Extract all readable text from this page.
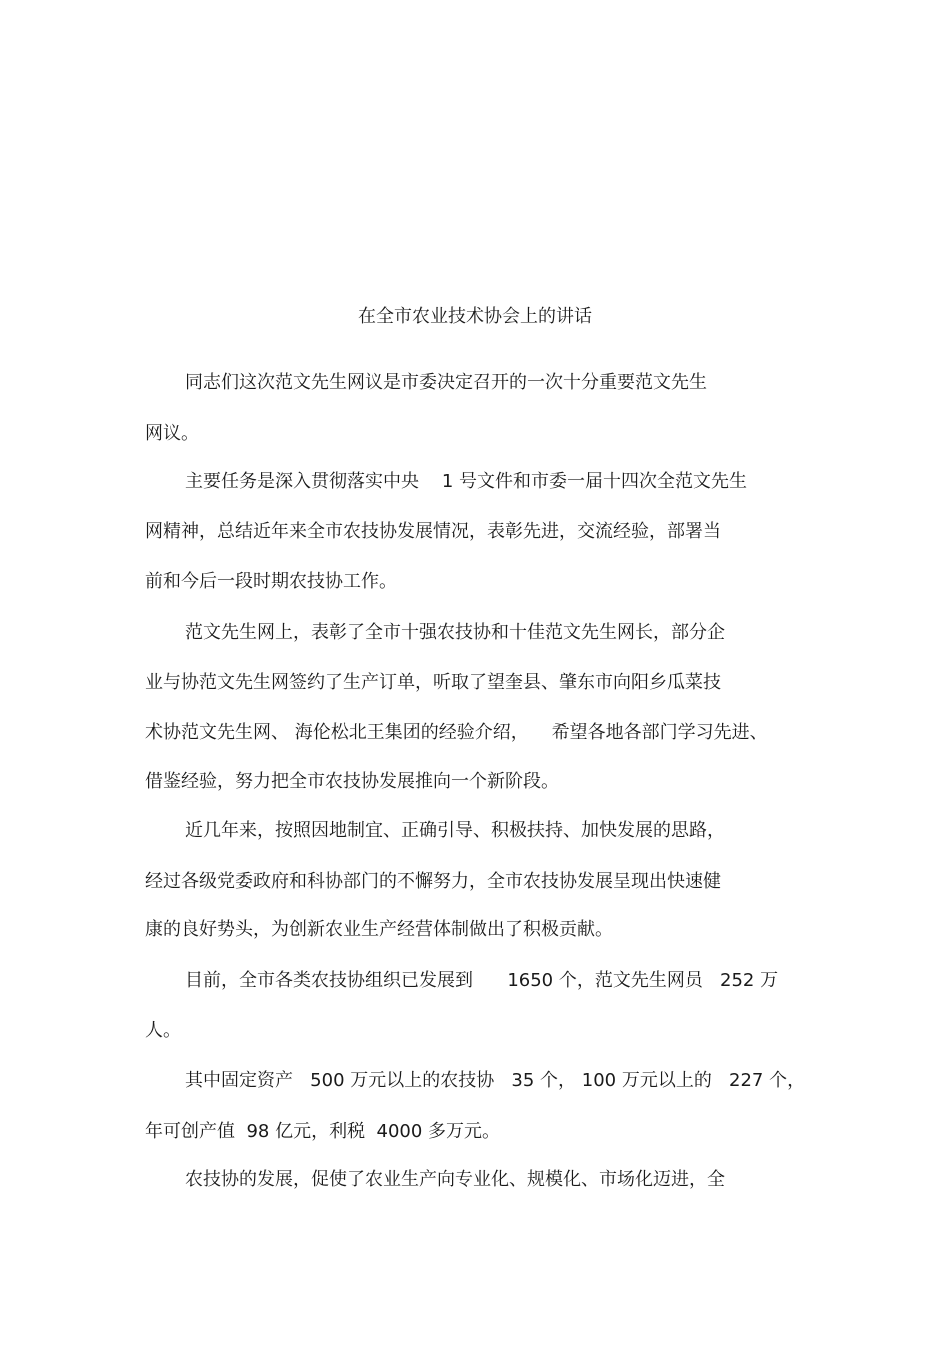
在全市农业技术协会上的讲话
同志们这次范文先生网议是市委决定召开的一次十分重要范文先生
网议。
主要任务是深入贯彻落实中央    1 号文件和市委一届十四次全范文先生
网精神，总结近年来全市农技协发展情况，表彰先进，交流经验，部署当
前和今后一段时期农技协工作。
范文先生网上，表彰了全市十强农技协和十佳范文先生网长，部分企
业与协范文先生网签约了生产订单，听取了望奎县、肇东市向阳乡瓜菜技
术协范文先生网、 海伦松北王集团的经验介绍，    希望各地各部门学习先进、
借鉴经验，努力把全市农技协发展推向一个新阶段。
近几年来，按照因地制宜、正确引导、积极扶持、加快发展的思路，
经过各级党委政府和科协部门的不懈努力，全市农技协发展呈现出快速健
康的良好势头，为创新农业生产经营体制做出了积极贡献。
目前，全市各类农技协组织已发展到      1650 个，范文先生网员   252 万
人。
其中固定资产   500 万元以上的农技协   35 个， 100 万元以上的   227 个，
年可创产值  98 亿元，利税  4000 多万元。
农技协的发展，促使了农业生产向专业化、规模化、市场化迈进，全
